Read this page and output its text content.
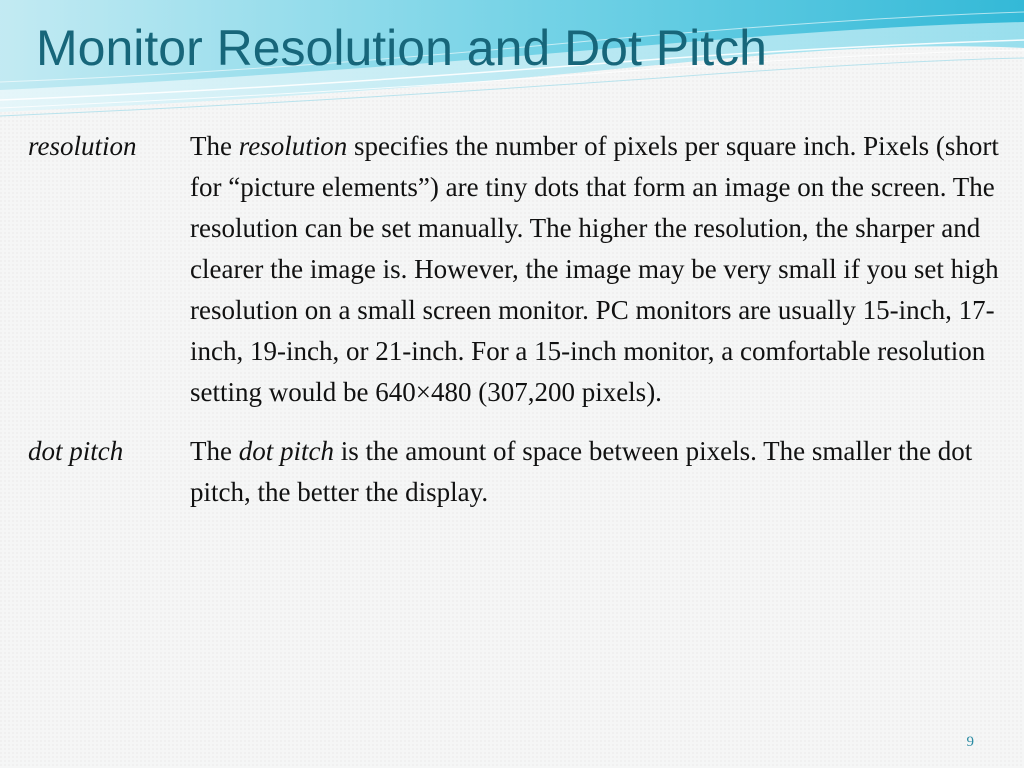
Monitor Resolution and Dot Pitch
resolution	The resolution specifies the number of pixels per square inch. Pixels (short for “picture elements”) are tiny dots that form an image on the screen. The resolution can be set manually. The higher the resolution, the sharper and clearer the image is. However, the image may be very small if you set high resolution on a small screen monitor. PC monitors are usually 15-inch, 17-inch, 19-inch, or 21-inch. For a 15-inch monitor, a comfortable resolution setting would be 640×480 (307,200 pixels).
dot pitch	The dot pitch is the amount of space between pixels. The smaller the dot pitch, the better the display.
9
